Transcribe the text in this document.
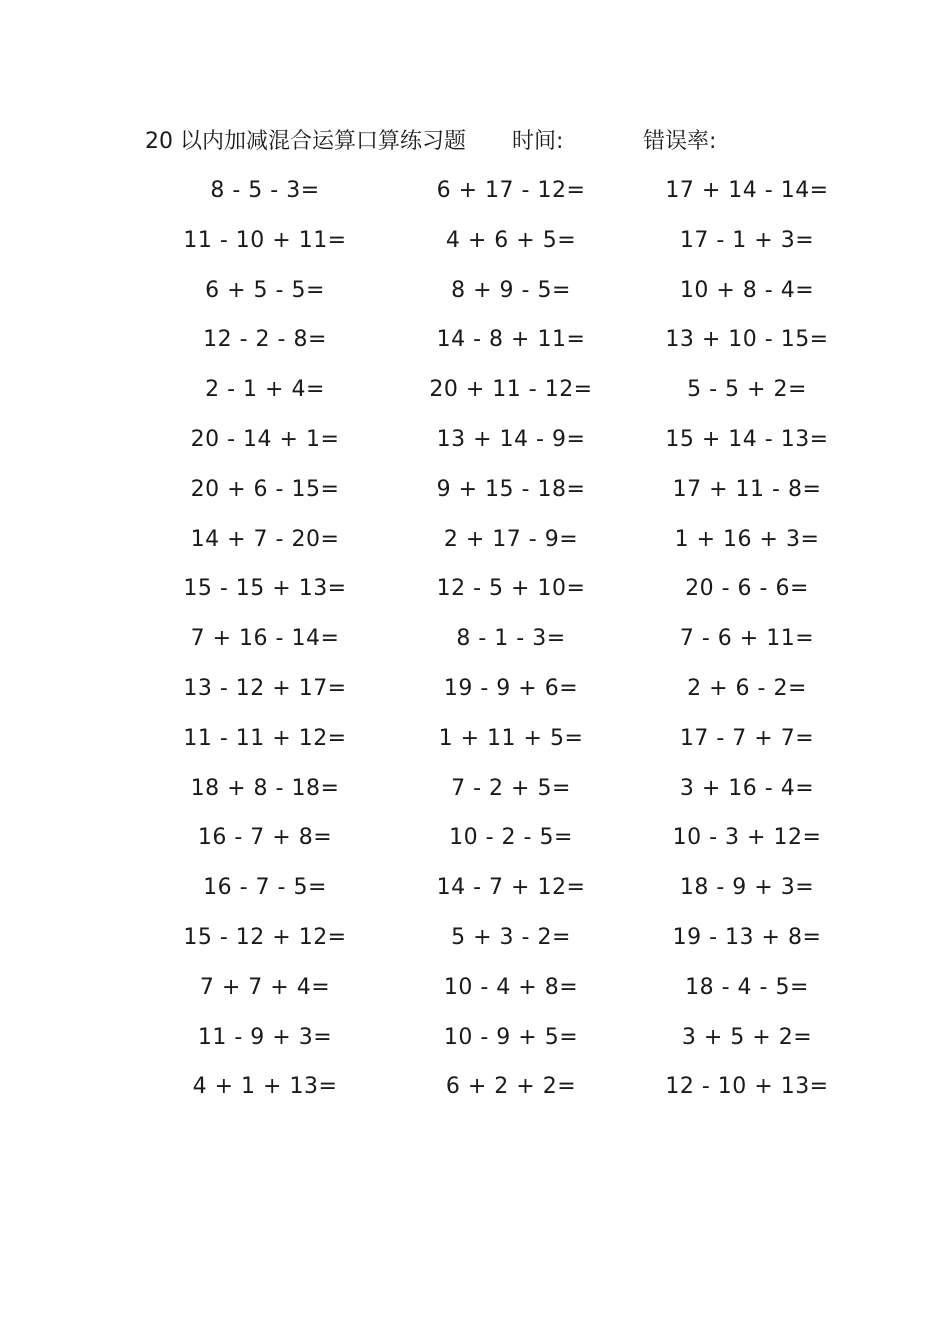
20 以内加减混合运算口算练习题 时间:	错误率:
8 - 5 - 3=	6 + 17 - 12=	17 + 14 - 14=
11 - 10 + 11=	4 + 6 + 5=	17 - 1 + 3=
6 + 5 - 5=	8 + 9 - 5=	10 + 8 - 4=
12 - 2 - 8=	14 - 8 + 11=	13 + 10 - 15=
2 - 1 + 4=	20 + 11 - 12=	5 - 5 + 2=
20 - 14 + 1=	13 + 14 - 9=	15 + 14 - 13=
20 + 6 - 15=	9 + 15 - 18=	17 + 11 - 8=
14 + 7 - 20=	2 + 17 - 9=	1 + 16 + 3=
15 - 15 + 13=	12 - 5 + 10=	20 - 6 - 6=
7 + 16 - 14=	8 - 1 - 3=	7 - 6 + 11=
13 - 12 + 17=	19 - 9 + 6=	2 + 6 - 2=
11 - 11 + 12=	1 + 11 + 5=	17 - 7 + 7=
18 + 8 - 18=	7 - 2 + 5=	3 + 16 - 4=
16 - 7 + 8=	10 - 2 - 5=	10 - 3 + 12=
16 - 7 - 5=	14 - 7 + 12=	18 - 9 + 3=
15 - 12 + 12=	5 + 3 - 2=	19 - 13 + 8=
7 + 7 + 4=	10 - 4 + 8=	18 - 4 - 5=
11 - 9 + 3=	10 - 9 + 5=	3 + 5 + 2=
4 + 1 + 13=	6 + 2 + 2=	12 - 10 + 13=
